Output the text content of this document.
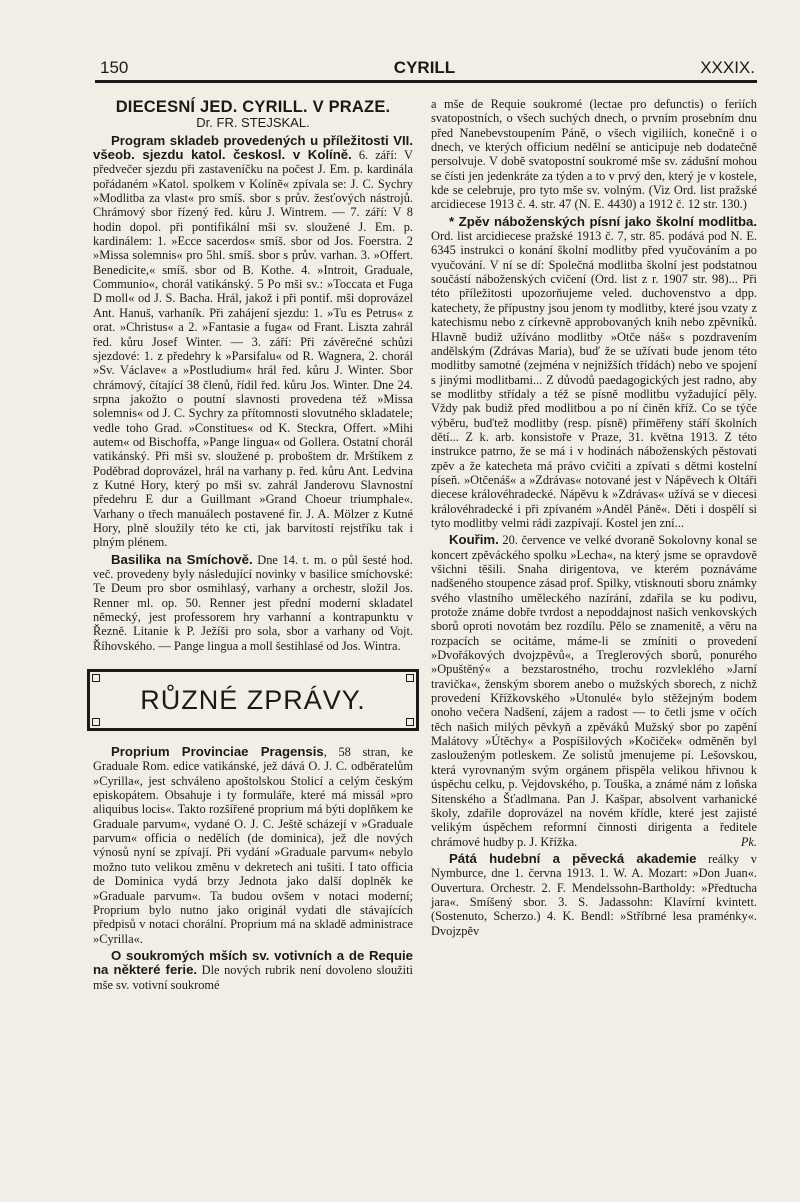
150	CYRILL	XXXIX.
DIECESNÍ JED. CYRILL. V PRAZE.
Dr. FR. STEJSKAL.

Program skladeb provedených u příležitosti VII. všeob. sjezdu katol. českosl. v Kolíně. 6. září: V předvečer sjezdu při zastaveníčku na počest J. Em. p. kardinála pořádaném »Katol. spolkem v Kolíně« zpívala se: J. C. Sychry »Modlitba za vlast« pro smíš. sbor s prův. žesťových nástrojů. Chrámový sbor řízený řed. kůru J. Wintrem. — 7. září: V 8 hodin dopol. při pontifikální mši sv. sloužené J. Em. p. kardinálem: 1. »Ecce sacerdos« smíš. sbor od Jos. Foerstra. 2 »Missa solemnis« pro 5hl. smíš. sbor s prův. varhan. 3. »Offert. Benedicite,« smíš. sbor od B. Kothe. 4. »Introit, Graduale, Communio«, chorál vatikánský. 5 Po mši sv.: »Toccata et Fuga D moll« od J. S. Bacha. Hrál, jakož i při pontif. mši doprovázel Ant. Hanuš, varhaník. Při zahájení sjezdu: 1. »Tu es Petrus« z orat. »Christus« a 2. »Fantasie a fuga« od Frant. Liszta zahrál řed. kůru Josef Winter. — 3. září: Při závěrečné schůzi sjezdové: 1. z předehry k »Parsifalu« od R. Wagnera, 2. chorál »Sv. Václave« a »Postludium« hrál řed. kůru J. Winter. Sbor chrámový, čítající 38 členů, řídil řed. kůru Jos. Winter. Dne 24. srpna jakožto o poutní slavnosti provedena též »Missa solemnis« od J. C. Sychry za přítomnosti slovutného skladatele; vedle toho Grad. »Constitues« od K. Steckra, Offert. »Mihi autem« od Bischoffa, »Pange lingua« od Gollera. Ostatní chorál vatikánský. Při mši sv. sloužené p. proboštem dr. Mrštíkem z Poděbrad doprovázel, hrál na varhany p. řed. kůru Ant. Ledvina z Kutné Hory, který po mši sv. zahrál Janderovu Slavnostní předehru E dur a Guillmant »Grand Choeur triumphale«. Varhany o třech manuálech postavené fir. J. A. Mölzer z Kutné Hory, plně sloužily této ke cti, jak barvitostí rejstříku tak i plným plénem.

Basilika na Smíchově. Dne 14. t. m. o půl šesté hod. več. provedeny byly následující novinky v basilice smíchovské: Te Deum pro sbor osmihlasý, varhany a orchestr, složil Jos. Renner ml. op. 50. Renner jest přední moderní skladatel německý, jest professorem hry varhanní a kontrapunktu v Řezně. Litanie k P. Ježíši pro sola, sbor a varhany od Vojt. Říhovského. — Pange lingua a moll šestihlasé od Jos. Wintra.

RŮZNÉ ZPRÁVY.

Proprium Provinciae Pragensis, 58 stran, ke Graduale Rom. edice vatikánské, jež dává O. J. C. odběratelům »Cyrilla«, jest schváleno apoštolskou Stolicí a celým českým episkopátem. Obsahuje i ty formuláře, které má missál »pro aliquibus locis«. Takto rozšířené proprium má býti doplňkem ke Graduale parvum«, vydané O. J. C. Ještě scházejí v »Graduale parvum« officia o nedělích (de dominica), jež dle nových výnosů nyní se zpívají. Při vydání »Graduale parvum« nebylo možno tuto velikou změnu v dekretech ani tušiti. I tato officia de Dominica vydá brzy Jednota jako další doplněk ke »Graduale parvum«. Ta budou ovšem v notaci moderní; Proprium bylo nutno jako originál vydati dle stávajících předpisů v notaci chorální. Proprium má na skladě administrace »Cyrilla«.

O soukromých mších sv. votivních a de Requie na některé ferie. Dle nových rubrik není dovoleno sloužiti mše sv. votivní soukromé

a mše de Requie soukromé (lectae pro defunctis) o feriích svatopostních, o všech suchých dnech, o prvním prosebním dnu před Nanebevstoupením Páně, o všech vigiliích, konečně i o dnech, ve kterých officium nedělní se anticipuje neb dodatečně persolvuje. V době svatopostní soukromé mše sv. zádušní mohou se čísti jen jedenkráte za týden a to v prvý den, který je v kostele, kde se celebruje, pro tyto mše sv. volným. (Viz Ord. list pražské arcidiecese 1913 č. 4. str. 47 (N. E. 4430) a 1912 č. 12 str. 130.)

* Zpěv náboženských písní jako školní modlitba. Ord. list arcidiecese pražské 1913 č. 7, str. 85. podává pod N. E. 6345 instrukci o konání školní modlitby před vyučováním a po vyučování. V ní se dí: Společná modlitba školní jest podstatnou součástí náboženských cvičení (Ord. list z r. 1907 str. 98)... Při této příležitosti upozorňujeme veled. duchovenstvo a dpp. katechety, že přípustny jsou jenom ty modlitby, které jsou vzaty z katechismu nebo z církevně approbovaných knih nebo zpěvníků. Hlavně budiž užíváno modlitby »Otče náš« s pozdravením andělským (Zdrávas Maria), buď že se užívati bude jenom této modlitby samotné (zejména v nejnižších třídách) nebo ve spojení s jinými modlitbami... Z důvodů paedagogických jest radno, aby se modlitby střídaly a též se písně modlitbu vyžadující pěly. Vždy pak budiž před modlitbou a po ní činěn kříž. Co se týče výběru, buďtež modlitby (resp. písně) přiměřeny stáří školních dětí... Z k. arb. konsistoře v Praze, 31. května 1913. Z této instrukce patrno, že se má i v hodinách náboženských pěstovati zpěv a že katecheta má právo cvičiti a zpívati s dětmi kostelní píseň. »Otčenáš« a »Zdrávas« notované jest v Nápěvech k Oltáři diecese královéhradecké. Nápěvu k »Zdrávas« užívá se v diecesi královéhradecké i při zpívaném »Anděl Páně«. Děti i dospělí si tyto modlitby velmi rádi zazpívají. Kostel jen zní...

Kouřim. 20. července ve velké dvoraně Sokolovny konal se koncert zpěváckého spolku »Lecha«, na který jsme se opravdově všichni těšili. Snaha dirigentova, ve kterém poznáváme nadšeného stoupence zásad prof. Spilky, vtisknouti sboru známky svého vlastního uměleckého nazírání, zdařila se ku podivu, protože známe dobře tvrdost a nepoddajnost našich venkovských sborů oproti novotám bez rozdílu. Pělo se znamenitě, a věru na rozpacích se ocitáme, máme-li se zmíniti o provedení »Dvořákových dvojzpěvů«, a Treglerových sborů, ponurého »Opuštěný« a bezstarostného, trochu rozvleklého »Jarní travička«, ženským sborem anebo o mužských sborech, z nichž provedení Křížkovského »Utonulé« bylo stěžejným bodem onoho večera Nadšení, zájem a radost — to četli jsme v očích těch našich milých pěvkyň a zpěváků Mužský sbor po zapění Malátovy »Útěchy« a Pospíšilových »Kočiček« odměněn byl zaslouženým potleskem. Ze solistů jmenujeme pí. Lešovskou, která vyrovnaným svým orgánem přispěla velikou hřivnou k úspěchu celku, p. Vejdovského, p. Touška, a známé nám z loňska Sitenského a Šťadlmana. Pan J. Kašpar, absolvent varhanické školy, zdařile doprovázel na novém křídle, které jest zajisté velikým úspěchem reformní činnosti dirigenta a ředitele chrámové hudby p. J. Křížka.	Pk.

Pátá hudební a pěvecká akademie reálky v Nymburce, dne 1. června 1913. 1. W. A. Mozart: »Don Juan«. Ouvertura. Orchestr. 2. F. Mendelssohn-Bartholdy: »Předtucha jara«. Smíšený sbor. 3. S. Jadassohn: Klavírní kvintett. (Sostenuto, Scherzo.) 4. K. Bendl: »Stříbrné lesa praménky«. Dvojzpěv
